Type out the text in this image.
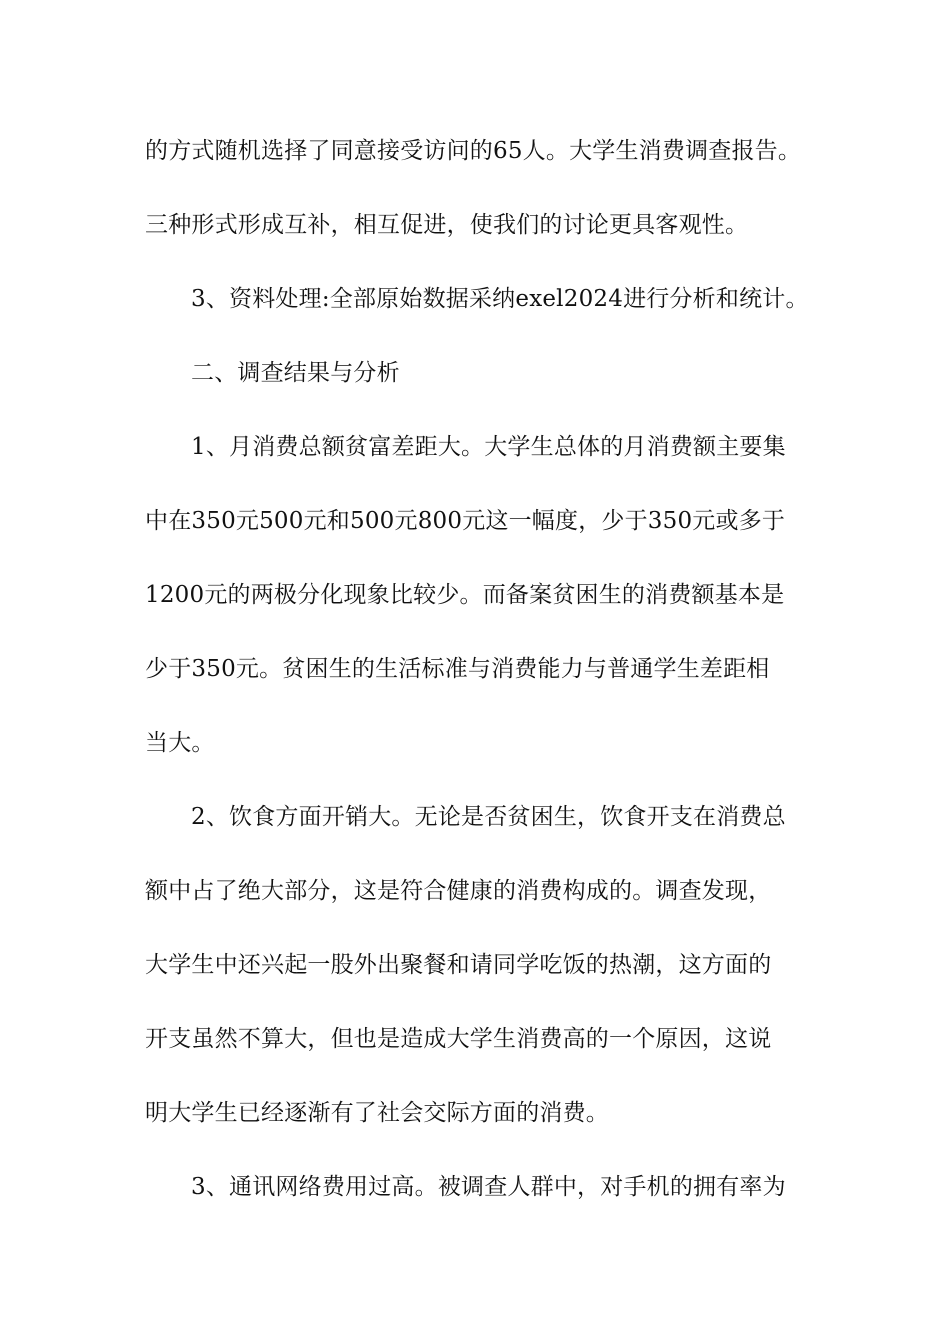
的方式随机选择了同意接受访问的65人。大学生消费调查报告。
三种形式形成互补，相互促进，使我们的讨论更具客观性。
3、资料处理:全部原始数据采纳exel2024进行分析和统计。
二、调查结果与分析
1、月消费总额贫富差距大。大学生总体的月消费额主要集
中在350元500元和500元800元这一幅度，少于350元或多于
1200元的两极分化现象比较少。而备案贫困生的消费额基本是
少于350元。贫困生的生活标准与消费能力与普通学生差距相
当大。
2、饮食方面开销大。无论是否贫困生，饮食开支在消费总
额中占了绝大部分，这是符合健康的消费构成的。调查发现，
大学生中还兴起一股外出聚餐和请同学吃饭的热潮，这方面的
开支虽然不算大，但也是造成大学生消费高的一个原因，这说
明大学生已经逐渐有了社会交际方面的消费。
3、通讯网络费用过高。被调查人群中，对手机的拥有率为
